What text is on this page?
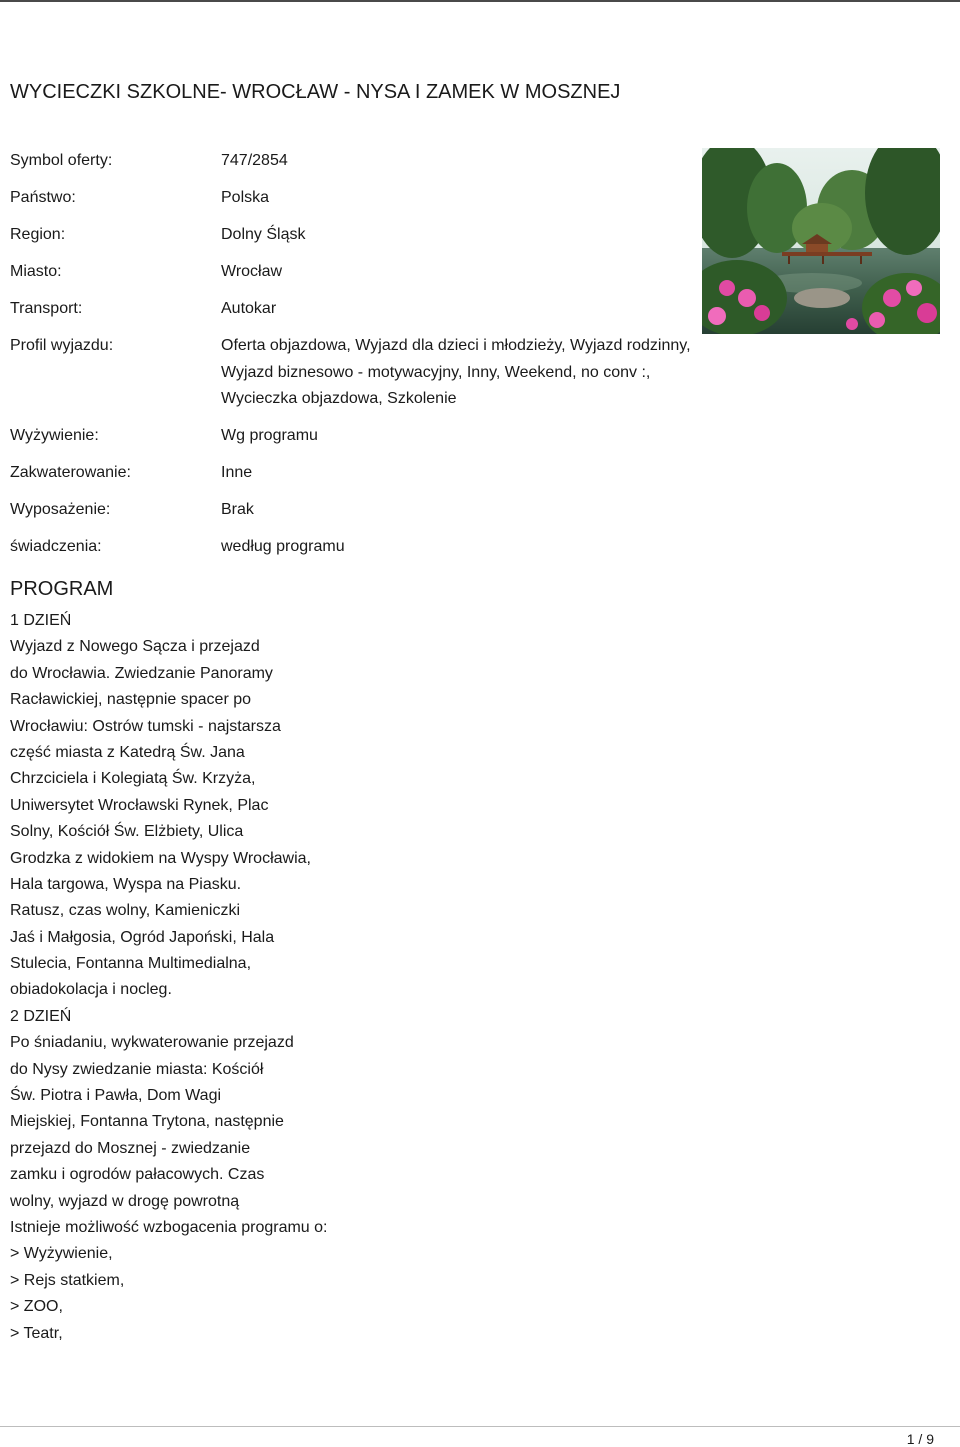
WYCIECZKI SZKOLNE- WROCŁAW - NYSA I ZAMEK W MOSZNEJ
Symbol oferty:	747/2854
Państwo:	Polska
Region:	Dolny Śląsk
Miasto:	Wrocław
Transport:	Autokar
Profil wyjazdu:	Oferta objazdowa, Wyjazd dla dzieci i młodzieży, Wyjazd rodzinny, Wyjazd biznesowo - motywacyjny, Inny, Weekend, no conv :, Wycieczka objazdowa, Szkolenie
Wyżywienie:	Wg programu
Zakwaterowanie:	Inne
Wyposażenie:	Brak
świadczenia:	według programu
PROGRAM
1 DZIEŃ
Wyjazd z Nowego Sącza i przejazd
do Wrocławia. Zwiedzanie Panoramy
Racławickiej, następnie spacer po
Wrocławiu: Ostrów tumski - najstarsza
część miasta z Katedrą Św. Jana
Chrzciciela i Kolegiatą Św. Krzyża,
Uniwersytet Wrocławski Rynek, Plac
Solny, Kościół Św. Elżbiety, Ulica
Grodzka z widokiem na Wyspy Wrocławia,
Hala targowa, Wyspa na Piasku.
Ratusz, czas wolny, Kamieniczki
Jaś i Małgosia, Ogród Japoński, Hala
Stulecia, Fontanna Multimedialna,
obiadokolacja i nocleg.
2 DZIEŃ
Po śniadaniu, wykwaterowanie przejazd
do Nysy zwiedzanie miasta: Kościół
Św. Piotra i Pawła, Dom Wagi
Miejskiej, Fontanna Trytona, następnie
przejazd do Mosznej - zwiedzanie
zamku i ogrodów pałacowych. Czas
wolny, wyjazd w drogę powrotną
Istnieje możliwość wzbogacenia programu o:
> Wyżywienie,
> Rejs statkiem,
> ZOO,
> Teatr,
1 / 9
